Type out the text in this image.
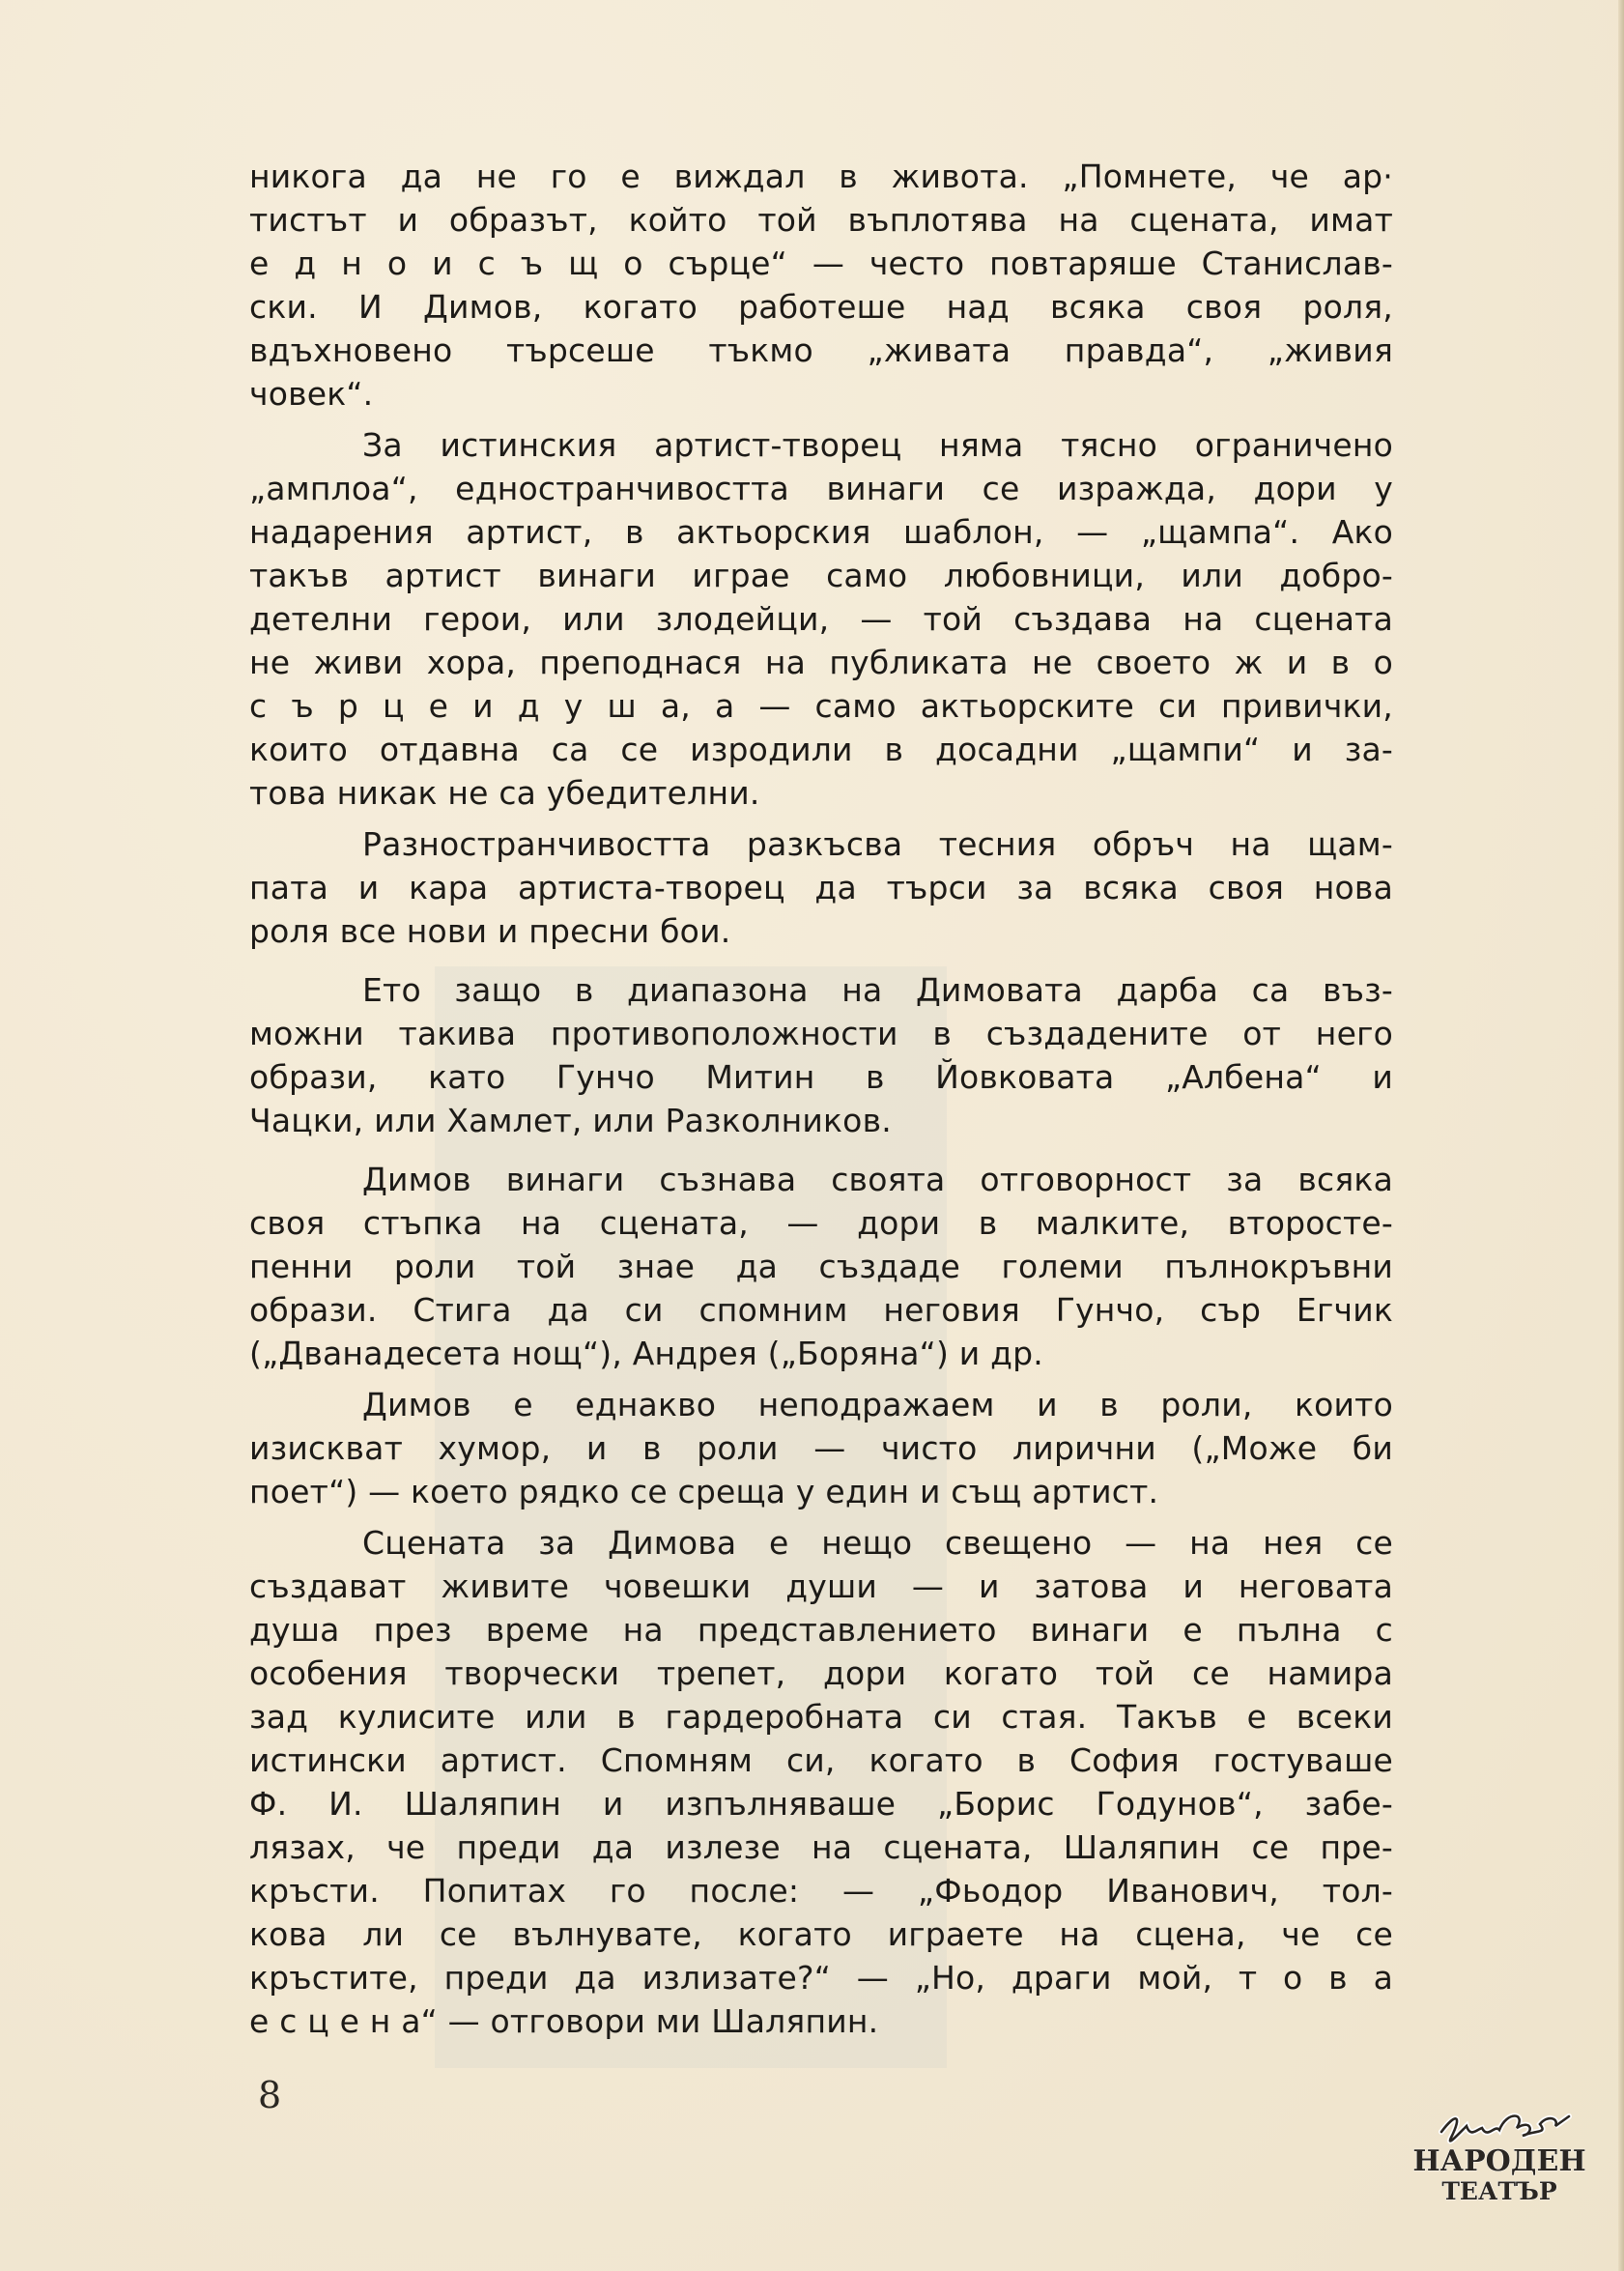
никогa да не го е виждал в живота. „Помнете, че ар·
тистът и образът, който той въплотява на сцената, имат
е д н о и с ъ щ о сърце“ — често повтаряше Станислав-
ски. И Димов, когато работеше над всяка своя роля,
вдъхновено търсеше тъкмо „живата правда“, „живия
човек“.
За истинския артист-творец няма тясно ограничено
„амплоа“, едностранчивостта винаги се изражда, дори у
надарения артист, в актьорския шаблон, — „щампа“. Ако
такъв артист винаги играе само любовници, или добро-
детелни герои, или злодейци, — той създава на сцената
не живи хора, преподнася на публиката не своето ж и в о
с ъ р ц е и д у ш а, а — само актьорските си привички,
които отдавна са се изродили в досадни „щампи“ и за-
това никак не са убедителни.
Разностранчивостта разкъсва тесния обръч на щам-
пата и кара артиста-творец да търси за всяка своя нова
роля все нови и пресни бои.
Ето защо в диапазона на Димовата дарба са въз-
можни такива противоположности в създадените от него
образи, като Гунчо Митин в Йовковата „Албена“ и
Чацки, или Хамлет, или Разколников.
Димов винаги съзнава своята отговорност за всяка
своя стъпка на сцената, — дори в малките, второсте-
пенни роли той знае да създаде големи пълнокръвни
образи. Стига да си спомним неговия Гунчо, сър Егчик
(„Дванадесета нощ“), Андрея („Боряна“) и др.
Димов е еднакво неподражаем и в роли, които
изискват хумор, и в роли — чисто лирични („Може би
поет“) — което рядко се среща у един и същ артист.
Сцената за Димова е нещо свещено — на нея се
създават живите човешки души — и затова и неговата
душа през време на представлението винаги е пълна с
особения творчески трепет, дори когато той се намира
зад кулисите или в гардеробната си стая. Такъв е всеки
истински артист. Спомням си, когато в София гостуваше
Ф. И. Шаляпин и изпълняваше „Борис Годунов“, забе-
лязах, че преди да излезе на сцената, Шаляпин се пре-
кръсти. Попитах го после: — „Фьодор Иванович, тол-
кова ли се вълнувате, когато играете на сцена, че се
кръстите, преди да излизате?“ — „Но, драги мой, т о в а
е с ц е н а“ — отговори ми Шаляпин.
8
НАРОДЕН
ТЕАТЪР
